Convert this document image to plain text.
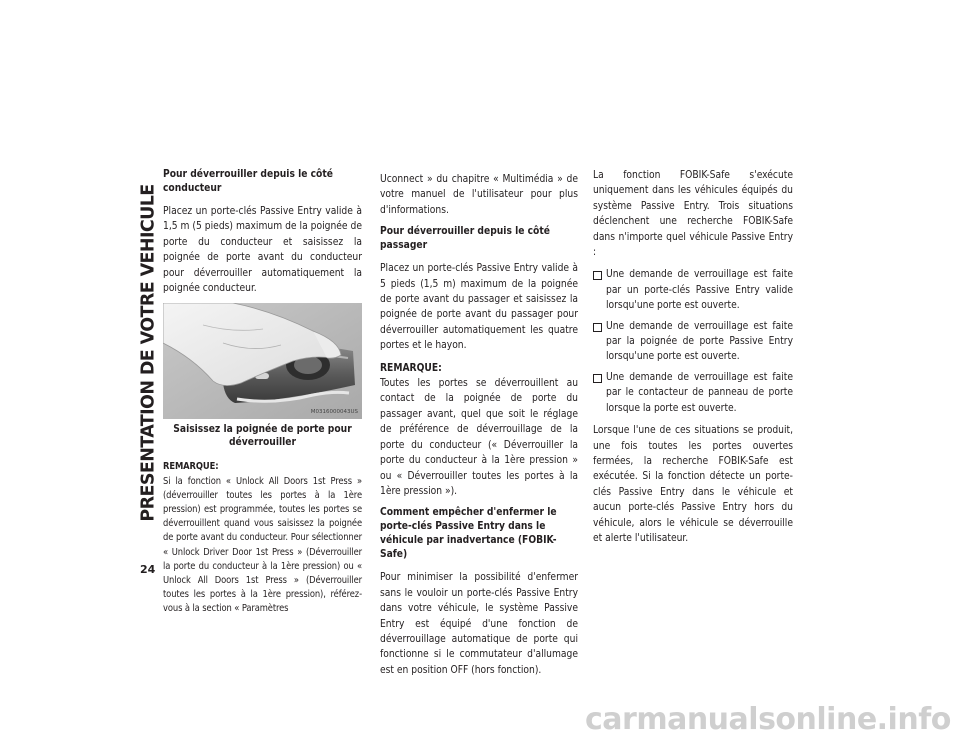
PRESENTATION DE VOTRE VEHICULE
24
Pour déverrouiller depuis le côté conducteur

Placez un porte-clés Passive Entry valide à 1,5 m (5 pieds) maximum de la poignée de porte du conducteur et saisissez la poignée de porte avant du conducteur pour déverrouiller automatiquement la poignée conducteur.

M0316000043US
Saisissez la poignée de porte pour déverrouiller

REMARQUE:
Si la fonction « Unlock All Doors 1st Press » (déverrouiller toutes les portes à la 1ère pression) est programmée, toutes les portes se déverrouillent quand vous saisissez la poignée de porte avant du conducteur. Pour sélectionner « Unlock Driver Door 1st Press » (Déverrouiller la porte du conducteur à la 1ère pression) ou « Unlock All Doors 1st Press » (Déverrouiller toutes les portes à la 1ère pression), référez-vous à la section « Paramètres

Uconnect » du chapitre « Multimédia » de votre manuel de l'utilisateur pour plus d'informations.

Pour déverrouiller depuis le côté passager

Placez un porte-clés Passive Entry valide à 5 pieds (1,5 m) maximum de la poignée de porte avant du passager et saisissez la poignée de porte avant du passager pour déverrouiller automatiquement les quatre portes et le hayon.

REMARQUE:
Toutes les portes se déverrouillent au contact de la poignée de porte du passager avant, quel que soit le réglage de préférence de déverrouillage de la porte du conducteur (« Déverrouiller la porte du conducteur à la 1ère pression » ou « Déverrouiller toutes les portes à la 1ère pression »).

Comment empêcher d'enfermer le porte-clés Passive Entry dans le véhicule par inadvertance (FOBIK-Safe)

Pour minimiser la possibilité d'enfermer sans le vouloir un porte-clés Passive Entry dans votre véhicule, le système Passive Entry est équipé d'une fonction de déverrouillage automatique de porte qui fonctionne si le commutateur d'allumage est en position OFF (hors fonction).

La fonction FOBIK-Safe s'exécute uniquement dans les véhicules équipés du système Passive Entry. Trois situations déclenchent une recherche FOBIK-Safe dans n'importe quel véhicule Passive Entry :

Une demande de verrouillage est faite par un porte-clés Passive Entry valide lorsqu'une porte est ouverte.
Une demande de verrouillage est faite par la poignée de porte Passive Entry lorsqu'une porte est ouverte.
Une demande de verrouillage est faite par le contacteur de panneau de porte lorsque la porte est ouverte.

Lorsque l'une de ces situations se produit, une fois toutes les portes ouvertes fermées, la recherche FOBIK-Safe est exécutée. Si la fonction détecte un porte-clés Passive Entry dans le véhicule et aucun porte-clés Passive Entry hors du véhicule, alors le véhicule se déverrouille et alerte l'utilisateur.

carmanualsonline.info
